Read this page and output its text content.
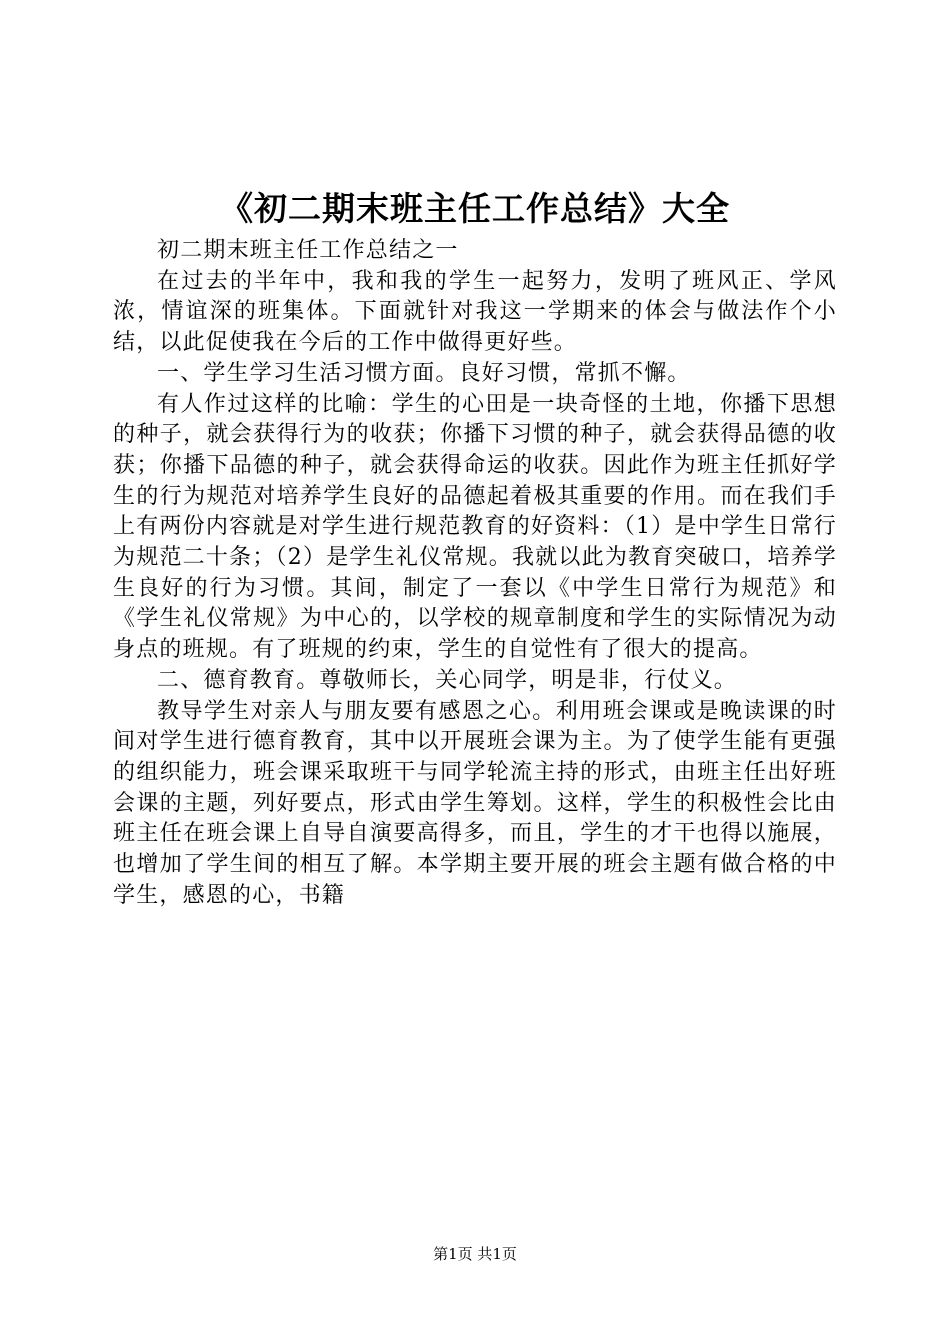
《初二期末班主任工作总结》大全

初二期末班主任工作总结之一

在过去的半年中，我和我的学生一起努力，发明了班风正、学风浓，情谊深的班集体。下面就针对我这一学期来的体会与做法作个小结，以此促使我在今后的工作中做得更好些。

一、学生学习生活习惯方面。良好习惯，常抓不懈。

有人作过这样的比喻：学生的心田是一块奇怪的土地，你播下思想的种子，就会获得行为的收获；你播下习惯的种子，就会获得品德的收获；你播下品德的种子，就会获得命运的收获。因此作为班主任抓好学生的行为规范对培养学生良好的品德起着极其重要的作用。而在我们手上有两份内容就是对学生进行规范教育的好资料：（1）是中学生日常行为规范二十条；（2）是学生礼仪常规。我就以此为教育突破口，培养学生良好的行为习惯。其间，制定了一套以《中学生日常行为规范》和《学生礼仪常规》为中心的，以学校的规章制度和学生的实际情况为动身点的班规。有了班规的约束，学生的自觉性有了很大的提高。

二、德育教育。尊敬师长，关心同学，明是非，行仗义。

教导学生对亲人与朋友要有感恩之心。利用班会课或是晚读课的时间对学生进行德育教育，其中以开展班会课为主。为了使学生能有更强的组织能力，班会课采取班干与同学轮流主持的形式，由班主任出好班会课的主题，列好要点，形式由学生筹划。这样，学生的积极性会比由班主任在班会课上自导自演要高得多，而且，学生的才干也得以施展，也增加了学生间的相互了解。本学期主要开展的班会主题有做合格的中学生，感恩的心，书籍

第1页 共1页
